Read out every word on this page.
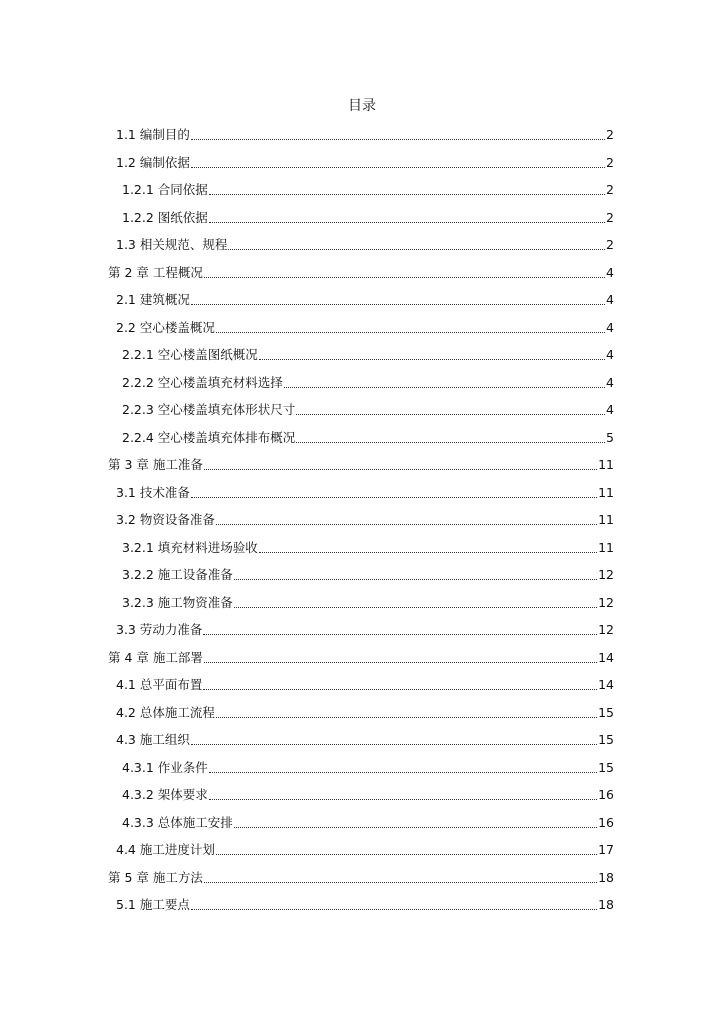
目录
1.1 编制目的	2
1.2 编制依据	2
1.2.1 合同依据	2
1.2.2 图纸依据	2
1.3 相关规范、规程	2
第 2 章 工程概况	4
2.1 建筑概况	4
2.2 空心楼盖概况	4
2.2.1 空心楼盖图纸概况	4
2.2.2 空心楼盖填充材料选择	4
2.2.3 空心楼盖填充体形状尺寸	4
2.2.4 空心楼盖填充体排布概况	5
第 3 章 施工准备	11
3.1 技术准备	11
3.2 物资设备准备	11
3.2.1 填充材料进场验收	11
3.2.2 施工设备准备	12
3.2.3 施工物资准备	12
3.3 劳动力准备	12
第 4 章 施工部署	14
4.1 总平面布置	14
4.2 总体施工流程	15
4.3 施工组织	15
4.3.1 作业条件	15
4.3.2 架体要求	16
4.3.3 总体施工安排	16
4.4 施工进度计划	17
第 5 章 施工方法	18
5.1 施工要点	18
